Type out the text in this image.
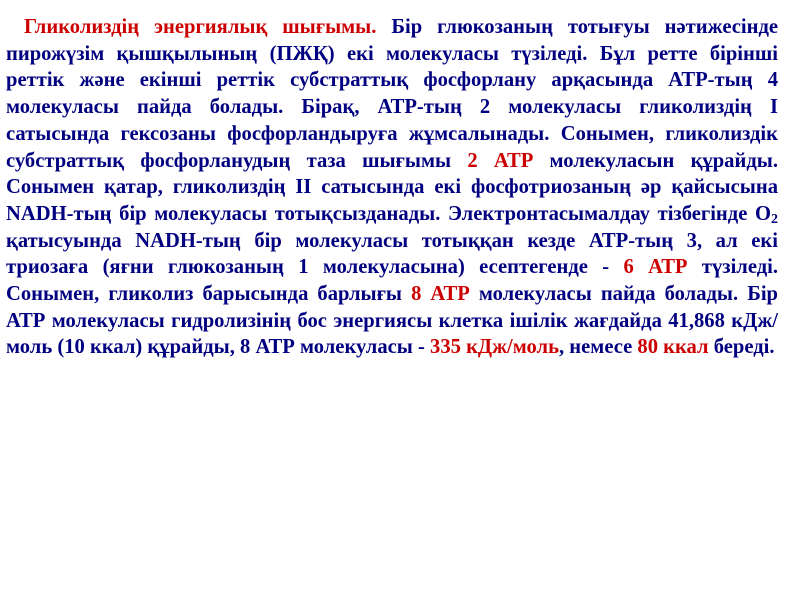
Гликолиздің энергиялық шығымы. Бір глюкозаның тотығуы нәтижесінде пирожүзім қышқылының (ПЖҚ) екі молекуласы түзіледі. Бұл ретте бірінші реттік және екінші реттік субстраттық фосфорлану арқасында АТР-тың 4 молекуласы пайда болады. Бірақ, АТР-тың 2 молекуласы гликолиздің І сатысында гексозаны фосфорландыруға жұмсалынады. Сонымен, гликолиздік субстраттық фосфорланудың таза шығымы 2 АТР молекуласын құрайды. Сонымен қатар, гликолиздің ІІ сатысында екі фосфотриозаның әр қайсысына NADH-тың бір молекуласы тотықсызданады. Электронтасымалдау тізбегінде $О_2$ қатысуында NADH-тың бір молекуласы тотыққан кезде АТР-тың 3, ал екі триозаға (яғни глюкозаның 1 молекуласына) есептегенде - 6 АТР түзіледі. Сонымен, гликолиз барысында барлығы 8 АТР молекуласы пайда болады. Бір АТР молекуласы гидролизінің бос энергиясы клетка ішілік жағдайда 41,868 кДж/моль (10 ккал) құрайды, 8 АТР молекуласы - 335 кДж/моль, немесе 80 ккал береді.
